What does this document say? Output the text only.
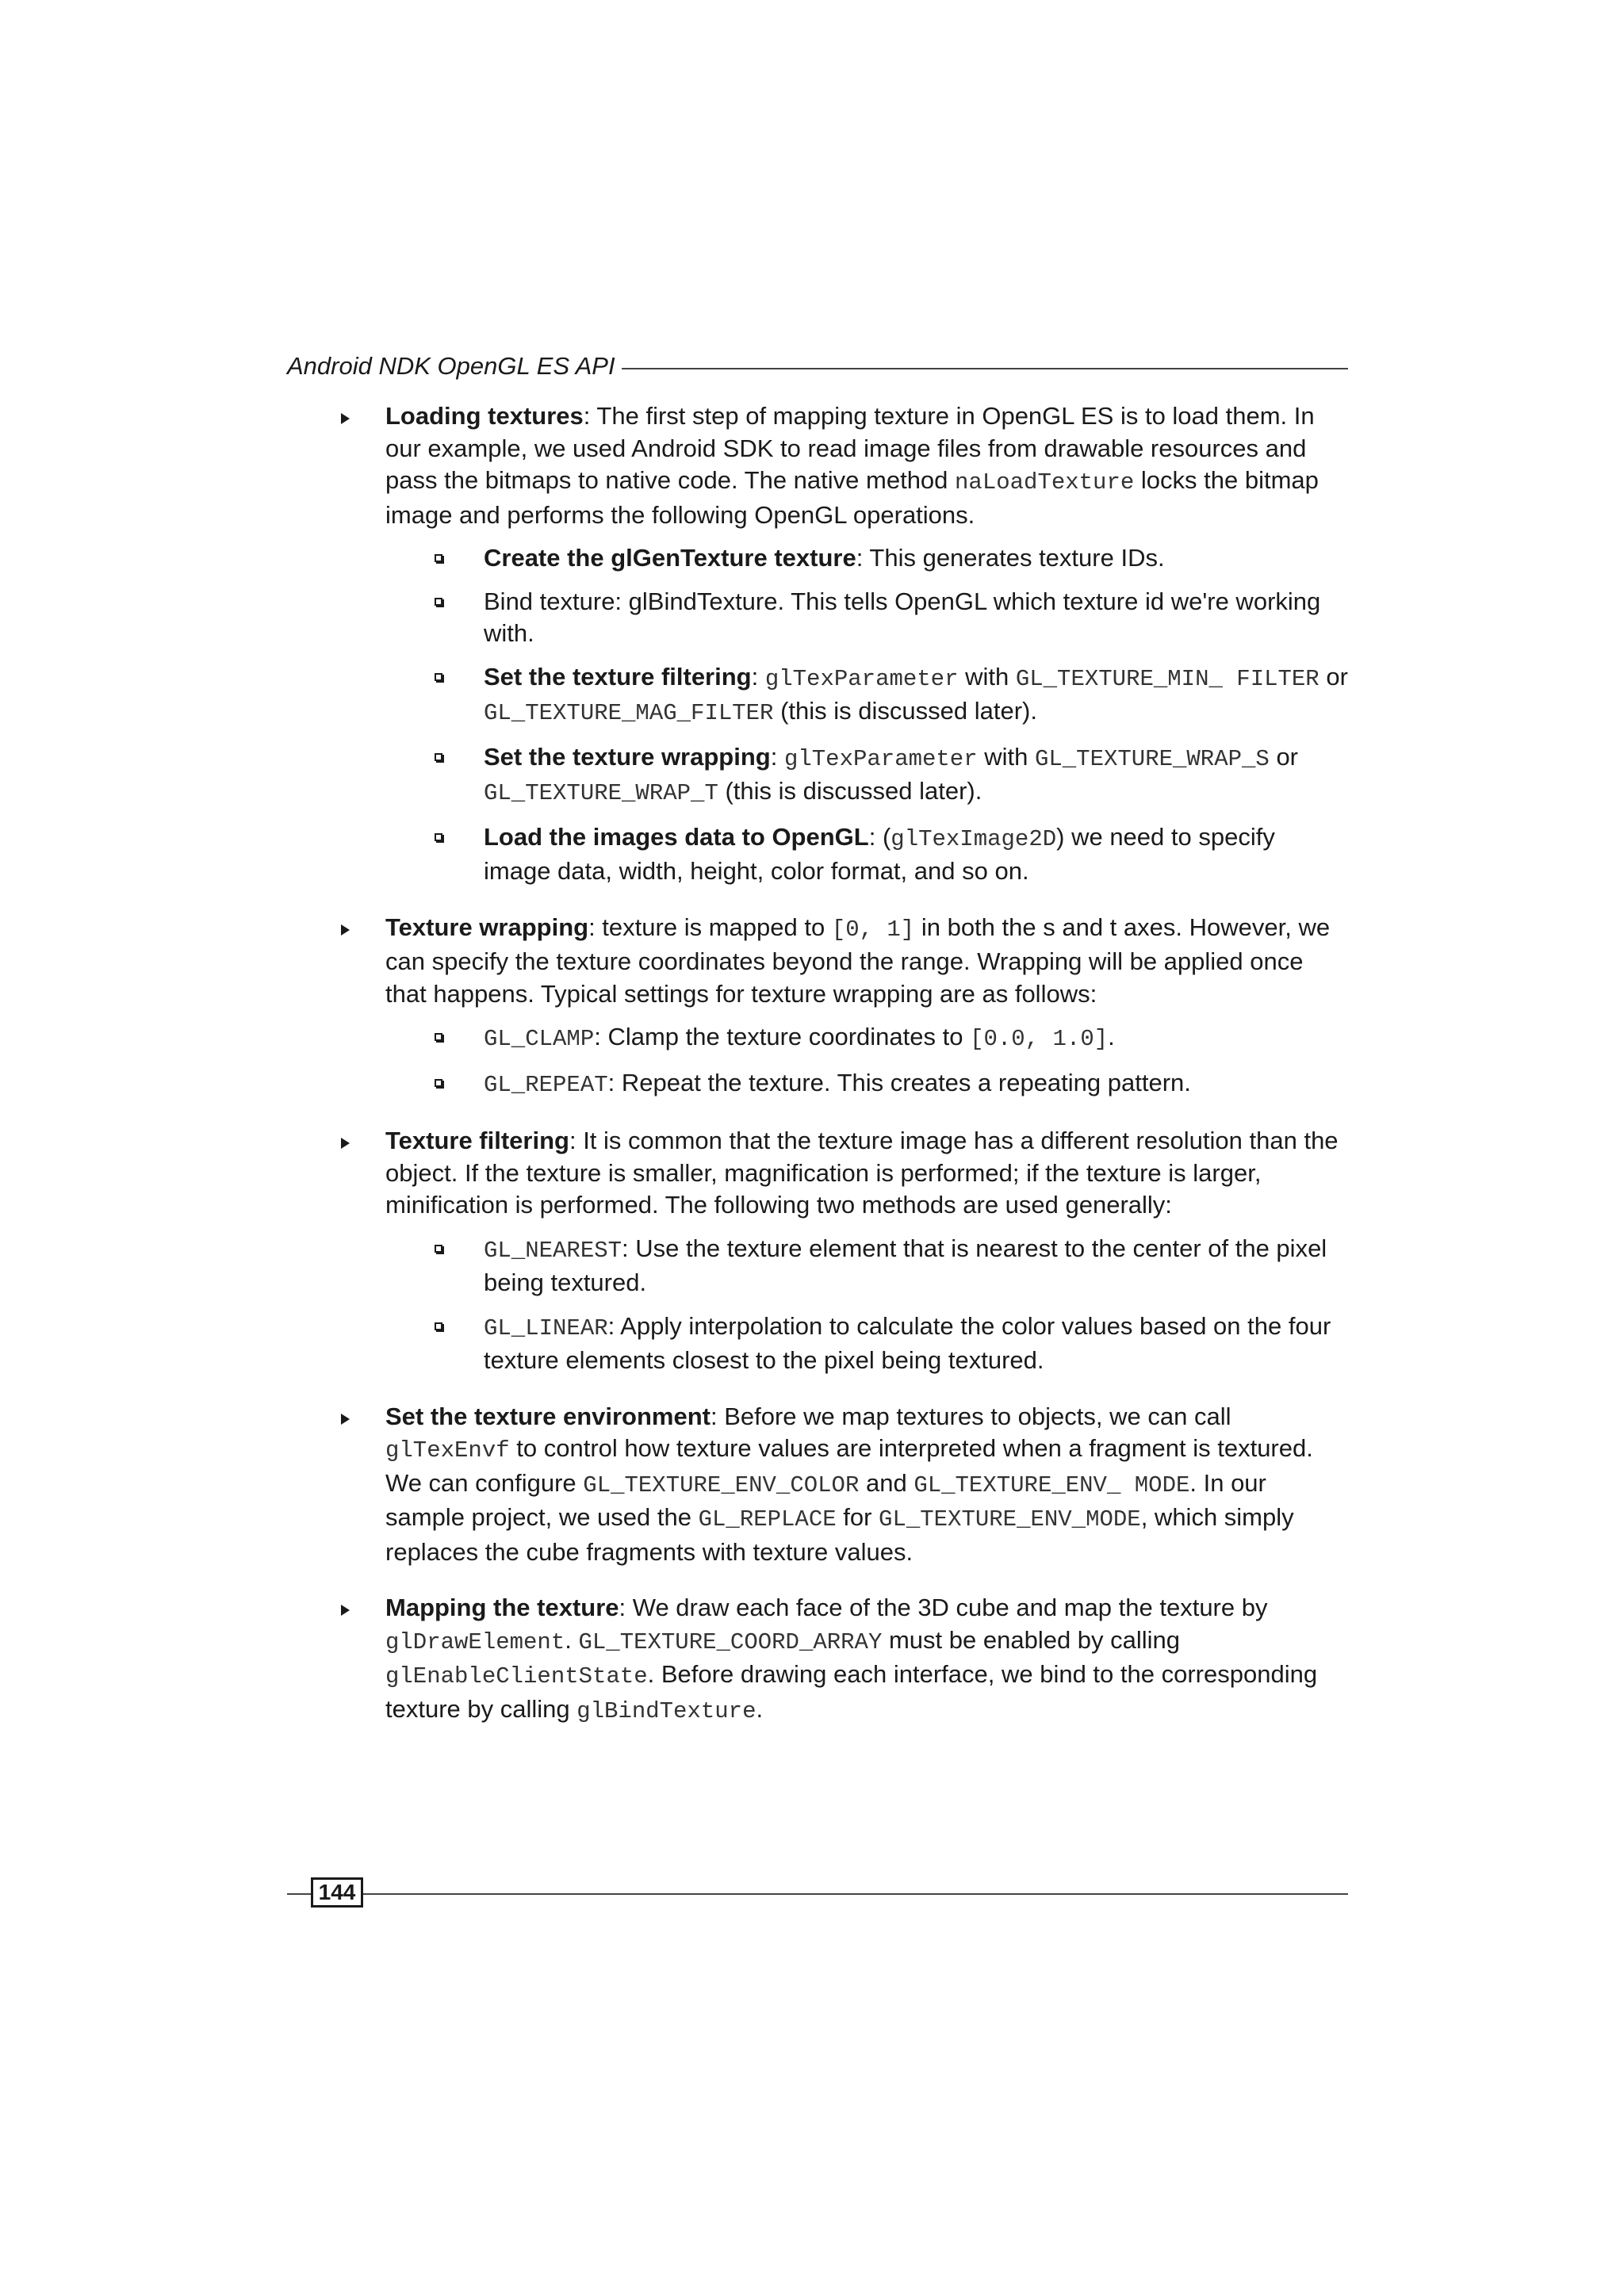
Android NDK OpenGL ES API
Loading textures: The first step of mapping texture in OpenGL ES is to load them. In our example, we used Android SDK to read image files from drawable resources and pass the bitmaps to native code. The native method naLoadTexture locks the bitmap image and performs the following OpenGL operations.
Create the glGenTexture texture: This generates texture IDs.
Bind texture: glBindTexture. This tells OpenGL which texture id we're working with.
Set the texture filtering: glTexParameter with GL_TEXTURE_MIN_ FILTER or GL_TEXTURE_MAG_FILTER (this is discussed later).
Set the texture wrapping: glTexParameter with GL_TEXTURE_WRAP_S or GL_TEXTURE_WRAP_T (this is discussed later).
Load the images data to OpenGL: (glTexImage2D) we need to specify image data, width, height, color format, and so on.
Texture wrapping: texture is mapped to [0, 1] in both the s and t axes. However, we can specify the texture coordinates beyond the range. Wrapping will be applied once that happens. Typical settings for texture wrapping are as follows:
GL_CLAMP: Clamp the texture coordinates to [0.0, 1.0].
GL_REPEAT: Repeat the texture. This creates a repeating pattern.
Texture filtering: It is common that the texture image has a different resolution than the object. If the texture is smaller, magnification is performed; if the texture is larger, minification is performed. The following two methods are used generally:
GL_NEAREST: Use the texture element that is nearest to the center of the pixel being textured.
GL_LINEAR: Apply interpolation to calculate the color values based on the four texture elements closest to the pixel being textured.
Set the texture environment: Before we map textures to objects, we can call glTexEnvf to control how texture values are interpreted when a fragment is textured. We can configure GL_TEXTURE_ENV_COLOR and GL_TEXTURE_ENV_ MODE. In our sample project, we used the GL_REPLACE for GL_TEXTURE_ENV_MODE, which simply replaces the cube fragments with texture values.
Mapping the texture: We draw each face of the 3D cube and map the texture by glDrawElement. GL_TEXTURE_COORD_ARRAY must be enabled by calling glEnableClientState. Before drawing each interface, we bind to the corresponding texture by calling glBindTexture.
144
